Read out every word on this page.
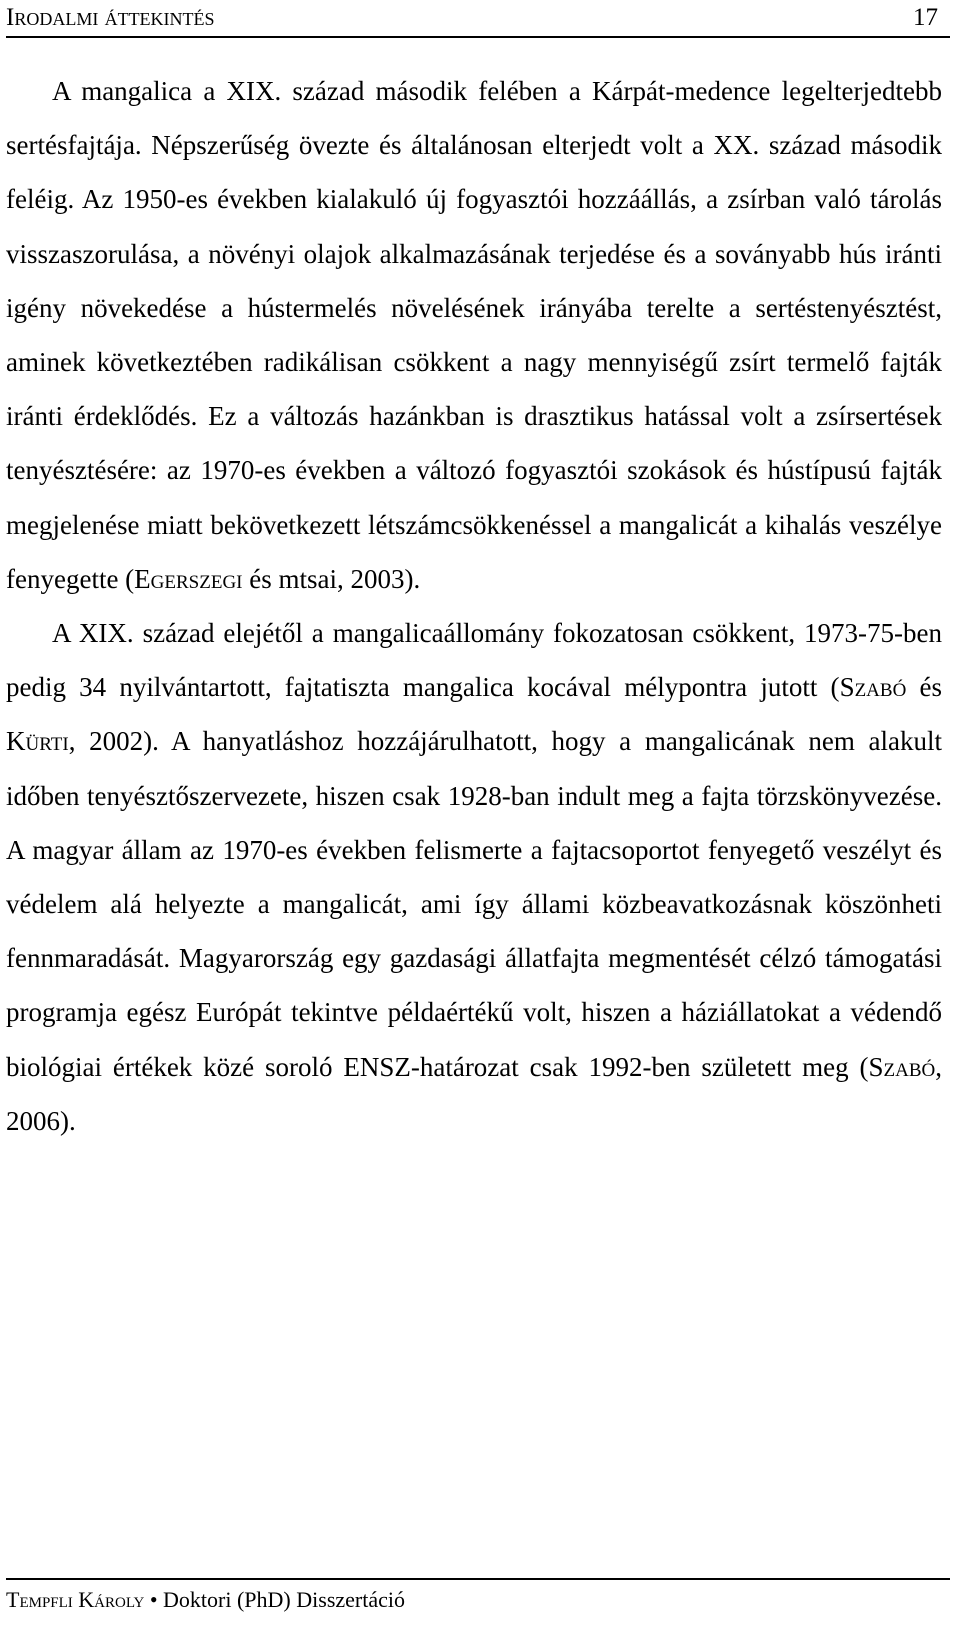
Irodalmi áttekintés	17

A mangalica a XIX. század második felében a Kárpát-medence legelterjedtebb sertésfajtája. Népszerűség övezte és általánosan elterjedt volt a XX. század második feléig. Az 1950-es években kialakuló új fogyasztói hozzáállás, a zsírban való tárolás visszaszorulása, a növényi olajok alkalmazásának terjedése és a soványabb hús iránti igény növekedése a hústermelés növelésének irányába terelte a sertéstenyésztést, aminek következtében radikálisan csökkent a nagy mennyiségű zsírt termelő fajták iránti érdeklődés. Ez a változás hazánkban is drasztikus hatással volt a zsírsertések tenyésztésére: az 1970-es években a változó fogyasztói szokások és hústípusú fajták megjelenése miatt bekövetkezett létszámcsökkenéssel a mangalicát a kihalás veszélye fenyegette (Egerszegi és mtsai, 2003).

A XIX. század elejétől a mangalicaállomány fokozatosan csökkent, 1973-75-ben pedig 34 nyilvántartott, fajtatiszta mangalica kocával mélypontra jutott (Szabó és Kürti, 2002). A hanyatláshoz hozzájárulhatott, hogy a mangalicának nem alakult időben tenyésztőszervezete, hiszen csak 1928-ban indult meg a fajta törzskönyvezése. A magyar állam az 1970-es években felismerte a fajtacsoportot fenyegető veszélyt és védelem alá helyezte a mangalicát, ami így állami közbeavatkozásnak köszönheti fennmaradását. Magyarország egy gazdasági állatfajta megmentését célzó támogatási programja egész Európát tekintve példaértékű volt, hiszen a háziállatokat a védendő biológiai értékek közé soroló ENSZ-határozat csak 1992-ben született meg (Szabó, 2006).

Tempfli Károly • Doktori (PhD) Disszertáció
